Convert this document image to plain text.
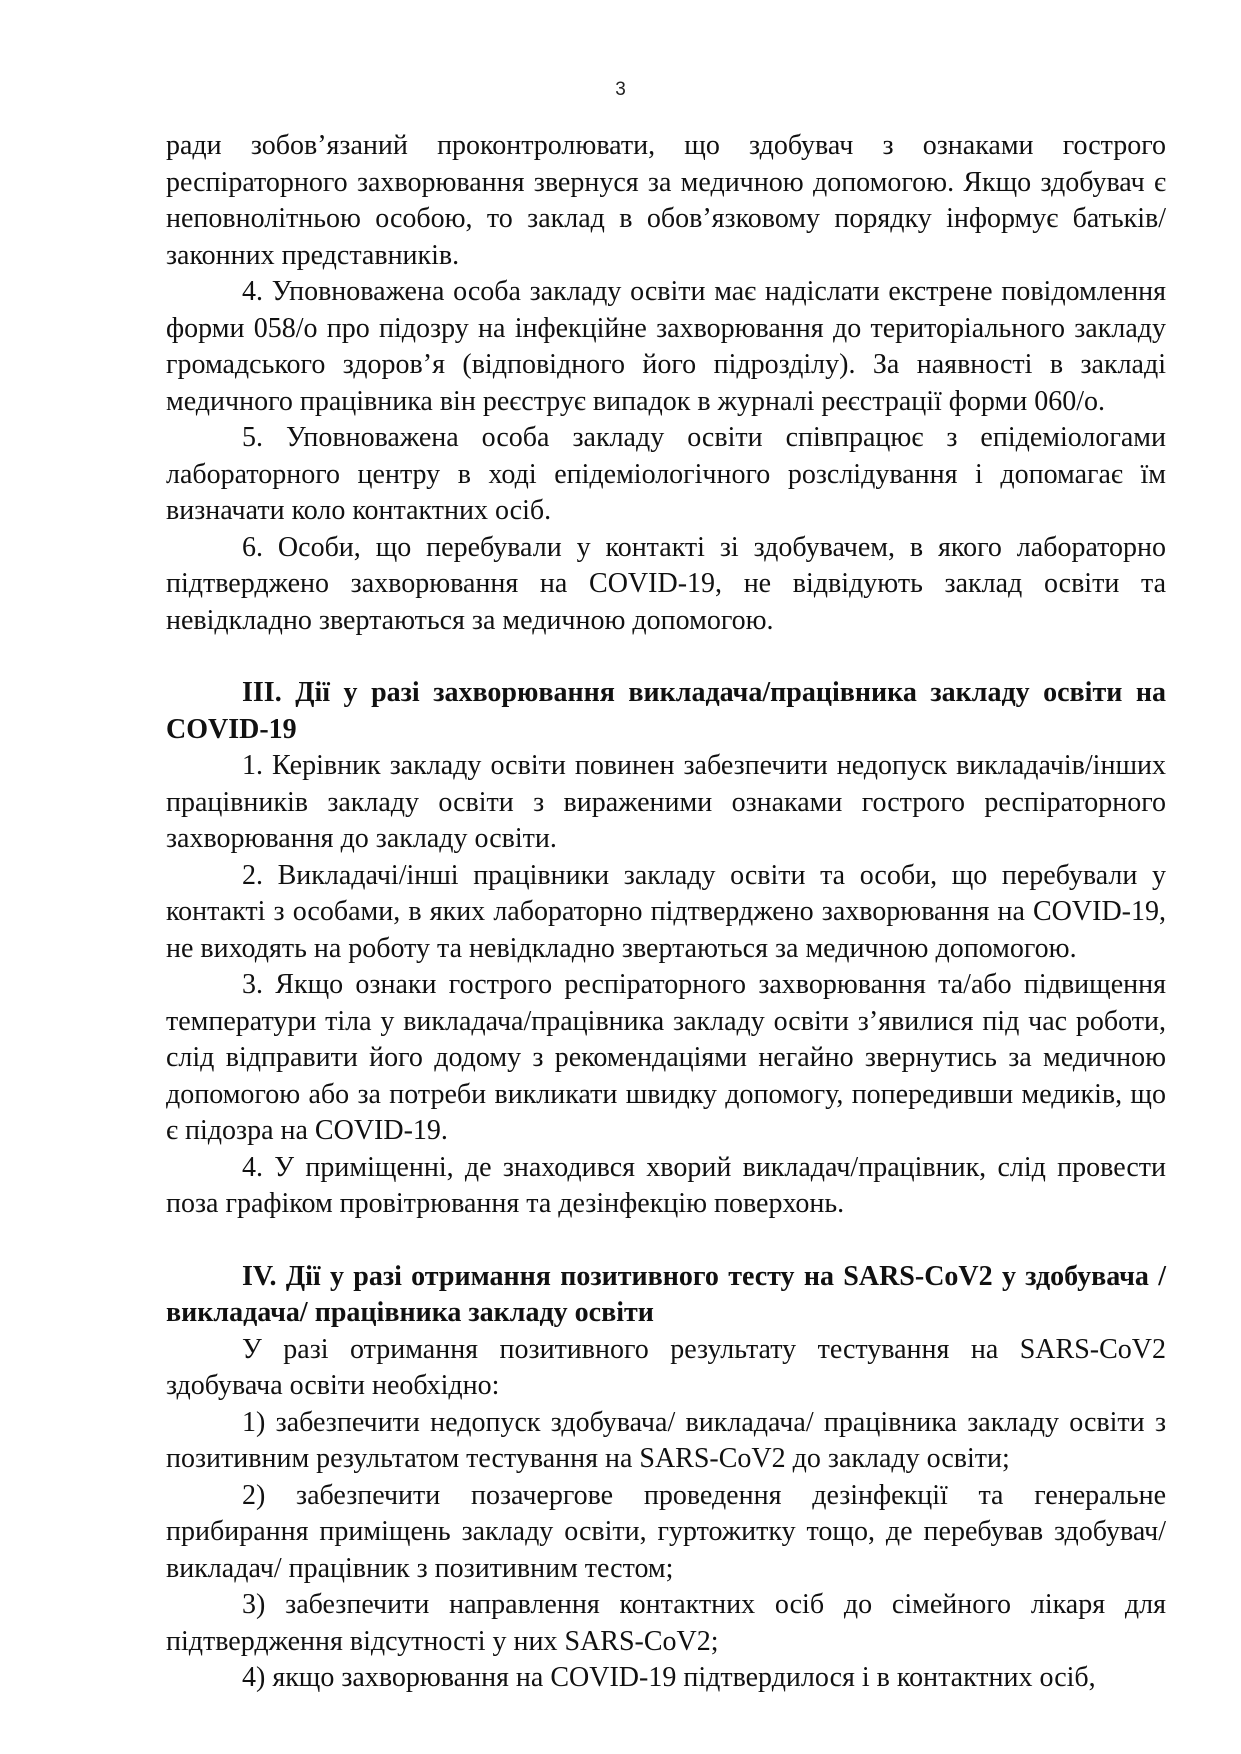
3

ради зобов’язаний проконтролювати, що здобувач з ознаками гострого респіраторного захворювання звернуся за медичною допомогою. Якщо здобувач є неповнолітньою особою, то заклад в обов’язковому порядку інформує батьків/законних представників.

4. Уповноважена особа закладу освіти має надіслати екстрене повідомлення форми 058/о про підозру на інфекційне захворювання до територіального закладу громадського здоров’я (відповідного його підрозділу). За наявності в закладі медичного працівника він реєструє випадок в журналі реєстрації форми 060/о.

5. Уповноважена особа закладу освіти співпрацює з епідеміологами лабораторного центру в ході епідеміологічного розслідування і допомагає їм визначати коло контактних осіб.

6. Особи, що перебували у контакті зі здобувачем, в якого лабораторно підтверджено захворювання на COVID-19, не відвідують заклад освіти та невідкладно звертаються за медичною допомогою.

ІІІ. Дії у разі захворювання викладача/працівника закладу освіти на COVID-19

1. Керівник закладу освіти повинен забезпечити недопуск викладачів/інших працівників закладу освіти з вираженими ознаками гострого респіраторного захворювання до закладу освіти.

2. Викладачі/інші працівники закладу освіти та особи, що перебували у контакті з особами, в яких лабораторно підтверджено захворювання на COVID-19, не виходять на роботу та невідкладно звертаються за медичною допомогою.

3. Якщо ознаки гострого респіраторного захворювання та/або підвищення температури тіла у викладача/працівника закладу освіти з’явилися під час роботи, слід відправити його додому з рекомендаціями негайно звернутись за медичною допомогою або за потреби викликати швидку допомогу, попередивши медиків, що є підозра на COVID-19.

4. У приміщенні, де знаходився хворий викладач/працівник, слід провести поза графіком провітрювання та дезінфекцію поверхонь.

IV. Дії у разі отримання позитивного тесту на SARS-CoV2 у здобувача / викладача/ працівника закладу освіти

У разі отримання позитивного результату тестування на SARS-CoV2 здобувача освіти необхідно:

1) забезпечити недопуск здобувача/ викладача/ працівника закладу освіти з позитивним результатом тестування на SARS-CoV2 до закладу освіти;

2) забезпечити позачергове проведення дезінфекції та генеральне прибирання приміщень закладу освіти, гуртожитку тощо, де перебував здобувач/ викладач/ працівник з позитивним тестом;

3) забезпечити направлення контактних осіб до сімейного лікаря для підтвердження відсутності у них SARS-CoV2;

4) якщо захворювання на COVID-19 підтвердилося і в контактних осіб,
